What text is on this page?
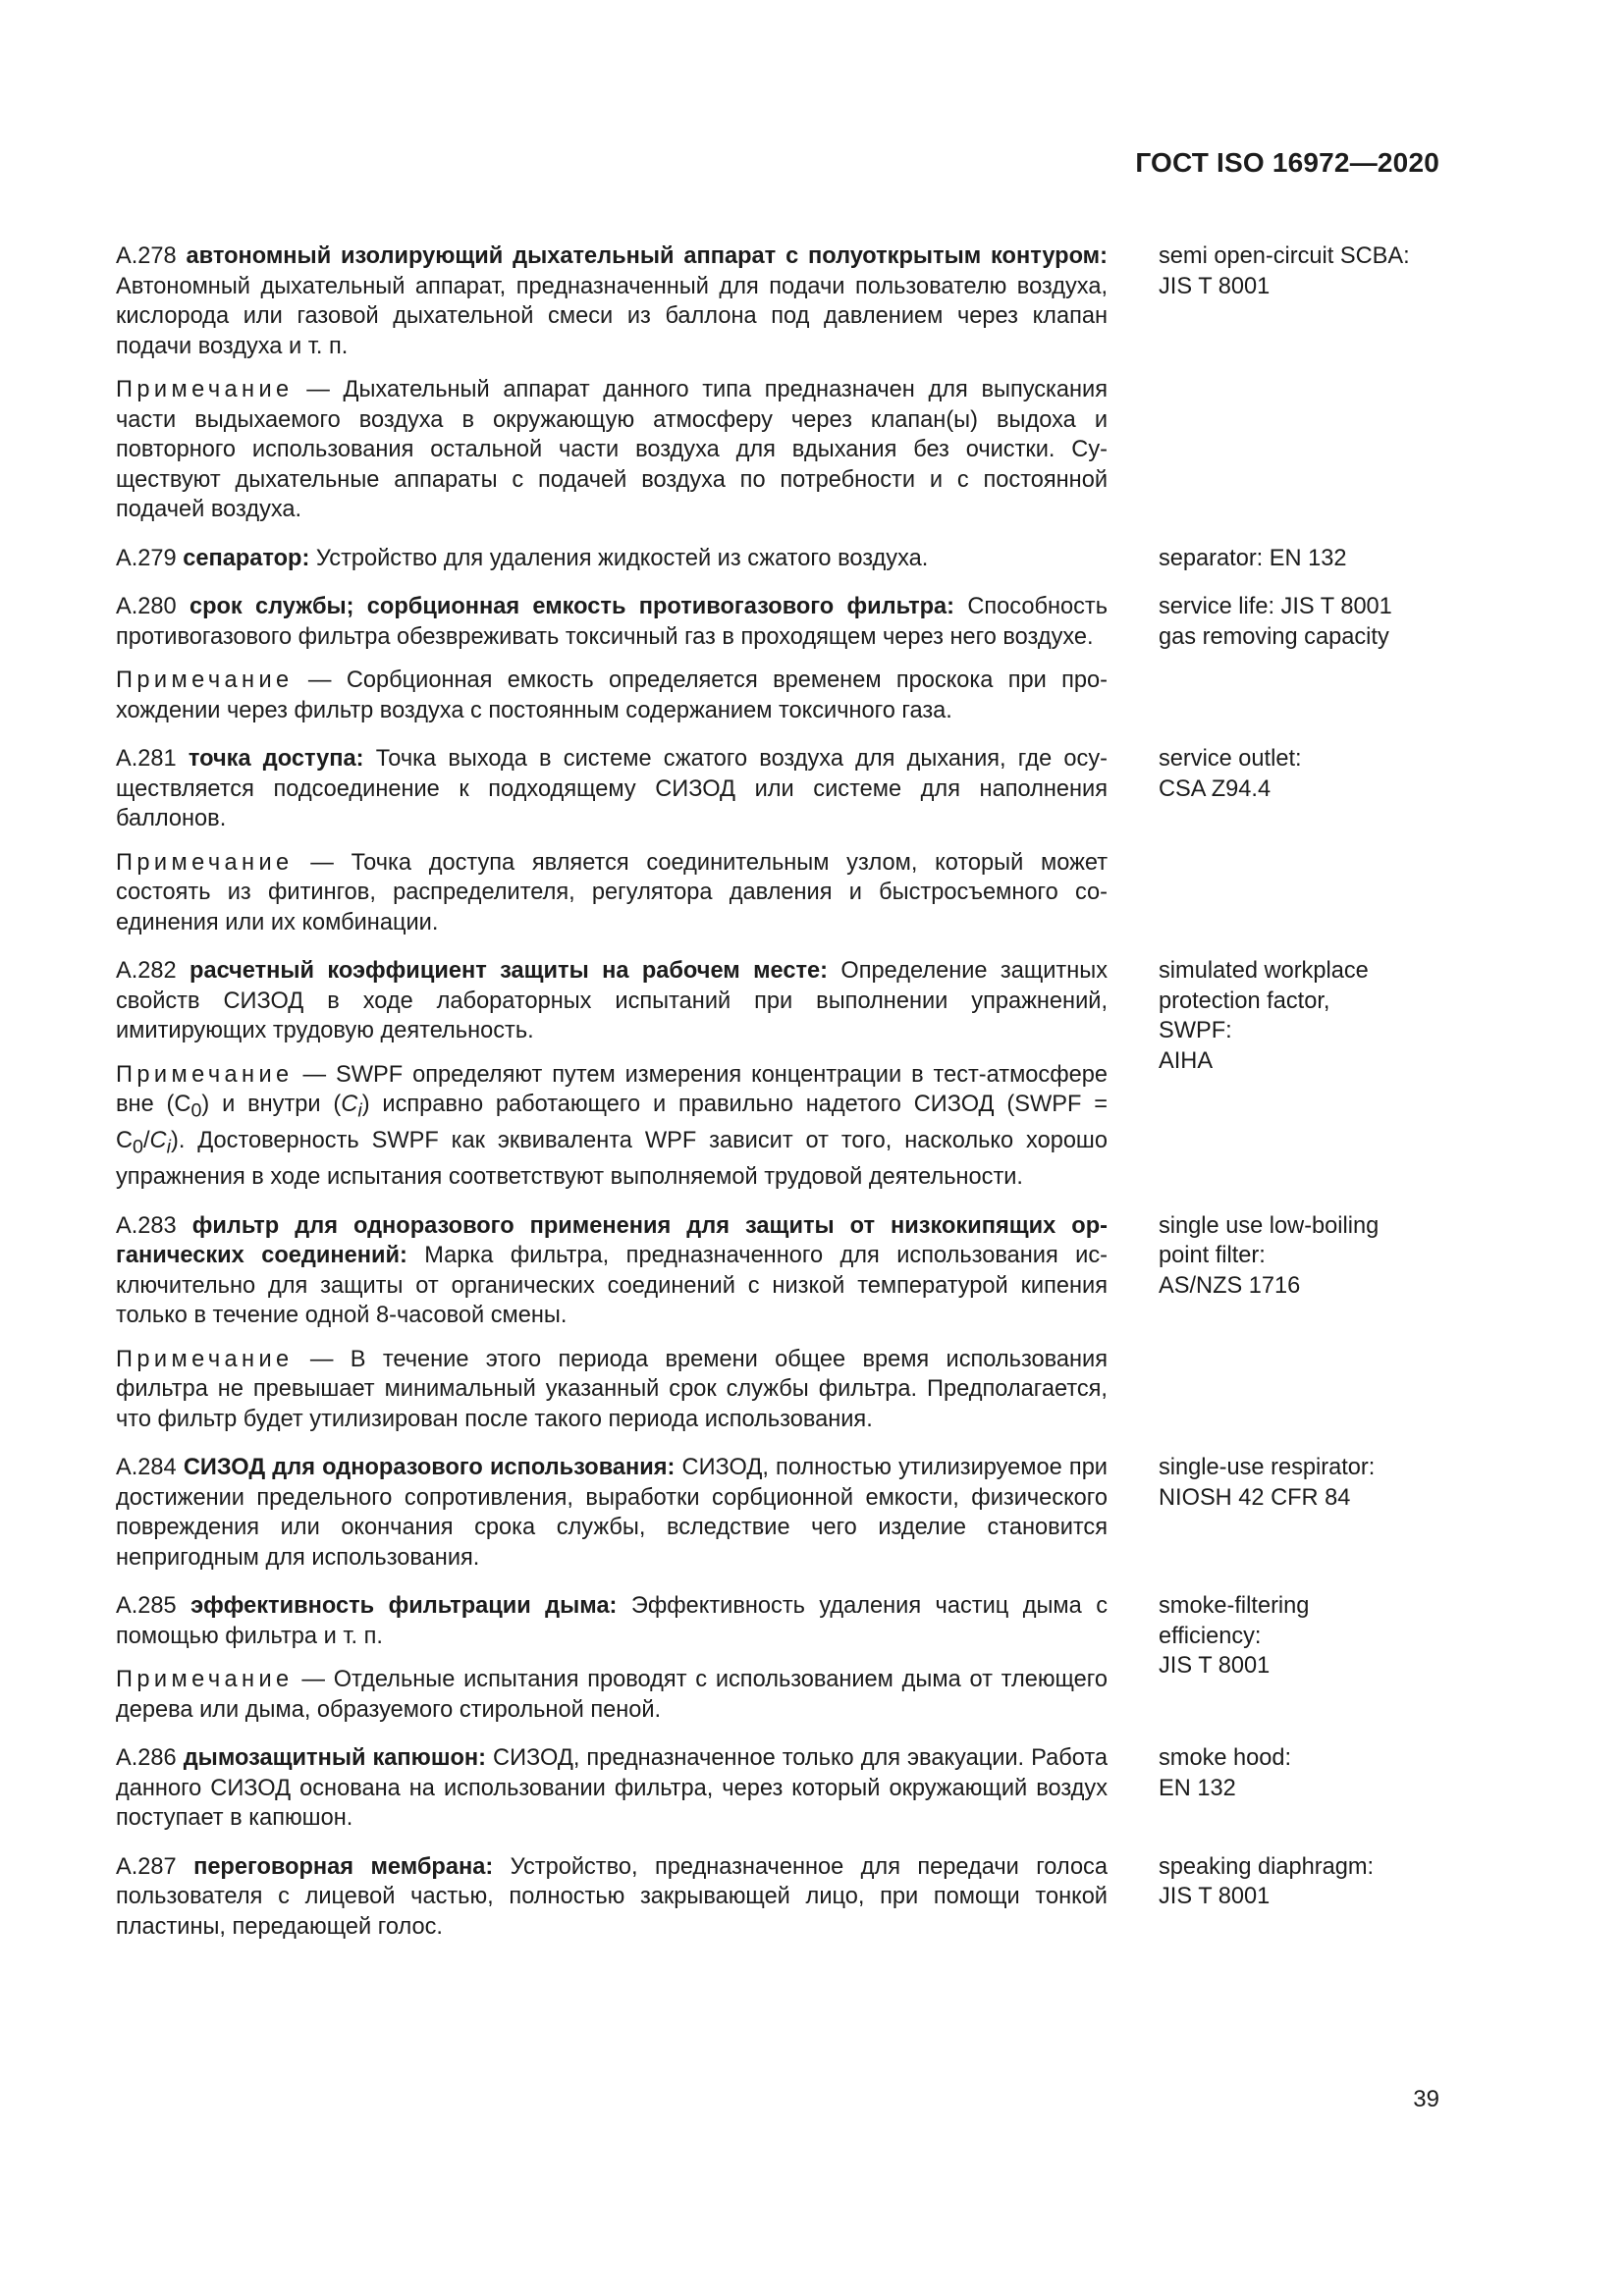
ГОСТ ISO 16972—2020

A.278 автономный изолирующий дыхательный аппарат с полуоткрытым контуром: Автономный дыхательный аппарат, предназначенный для подачи пользователю воздуха, кислорода или газовой дыхательной смеси из баллона под давлением через клапан подачи воздуха и т. п.

Примечание — Дыхательный аппарат данного типа предназначен для выпускания части выдыхаемого воздуха в окружающую атмосферу через клапан(ы) выдоха и повторного использования остальной части воздуха для вдыхания без очистки. Существуют дыхательные аппараты с подачей воздуха по потребности и с постоянной подачей воздуха.

semi open-circuit SCBA:
JIS T 8001

A.279 сепаратор: Устройство для удаления жидкостей из сжатого воздуха.	separator: EN 132

A.280 срок службы; сорбционная емкость противогазового фильтра: Способность противогазового фильтра обезвреживать токсичный газ в проходящем через него воздухе.

Примечание — Сорбционная емкость определяется временем проскока при прохождении через фильтр воздуха с постоянным содержанием токсичного газа.

service life: JIS T 8001
gas removing capacity

A.281 точка доступа: Точка выхода в системе сжатого воздуха для дыхания, где осуществляется подсоединение к подходящему СИЗОД или системе для наполнения баллонов.

Примечание — Точка доступа является соединительным узлом, который может состоять из фитингов, распределителя, регулятора давления и быстросъемного соединения или их комбинации.

service outlet:
CSA Z94.4

A.282 расчетный коэффициент защиты на рабочем месте: Определение защитных свойств СИЗОД в ходе лабораторных испытаний при выполнении упражнений, имитирующих трудовую деятельность.

Примечание — SWPF определяют путем измерения концентрации в тест-атмосфере вне $(C_0)$ и внутри $(C_i)$ исправно работающего и правильно надетого СИЗОД (SWPF = $C_0/C_i$). Достоверность SWPF как эквивалента WPF зависит от того, насколько хорошо упражнения в ходе испытания соответствуют выполняемой трудовой деятельности.

simulated workplace
protection factor,
SWPF:
AIHA

A.283 фильтр для одноразового применения для защиты от низкокипящих органических соединений: Марка фильтра, предназначенного для использования исключительно для защиты от органических соединений с низкой температурой кипения только в течение одной 8-часовой смены.

Примечание — В течение этого периода времени общее время использования фильтра не превышает минимальный указанный срок службы фильтра. Предполагается, что фильтр будет утилизирован после такого периода использования.

single use low-boiling
point filter:
AS/NZS 1716

A.284 СИЗОД для одноразового использования: СИЗОД, полностью утилизируемое при достижении предельного сопротивления, выработки сорбционной емкости, физического повреждения или окончания срока службы, вследствие чего изделие становится непригодным для использования.

single-use respirator:
NIOSH 42 CFR 84

A.285 эффективность фильтрации дыма: Эффективность удаления частиц дыма с помощью фильтра и т. п.

Примечание — Отдельные испытания проводят с использованием дыма от тлеющего дерева или дыма, образуемого стирольной пеной.

smoke-filtering
efficiency:
JIS T 8001

A.286 дымозащитный капюшон: СИЗОД, предназначенное только для эвакуации. Работа данного СИЗОД основана на использовании фильтра, через который окружающий воздух поступает в капюшон.

smoke hood:
EN 132

A.287 переговорная мембрана: Устройство, предназначенное для передачи голоса пользователя с лицевой частью, полностью закрывающей лицо, при помощи тонкой пластины, передающей голос.

speaking diaphragm:
JIS T 8001
39
